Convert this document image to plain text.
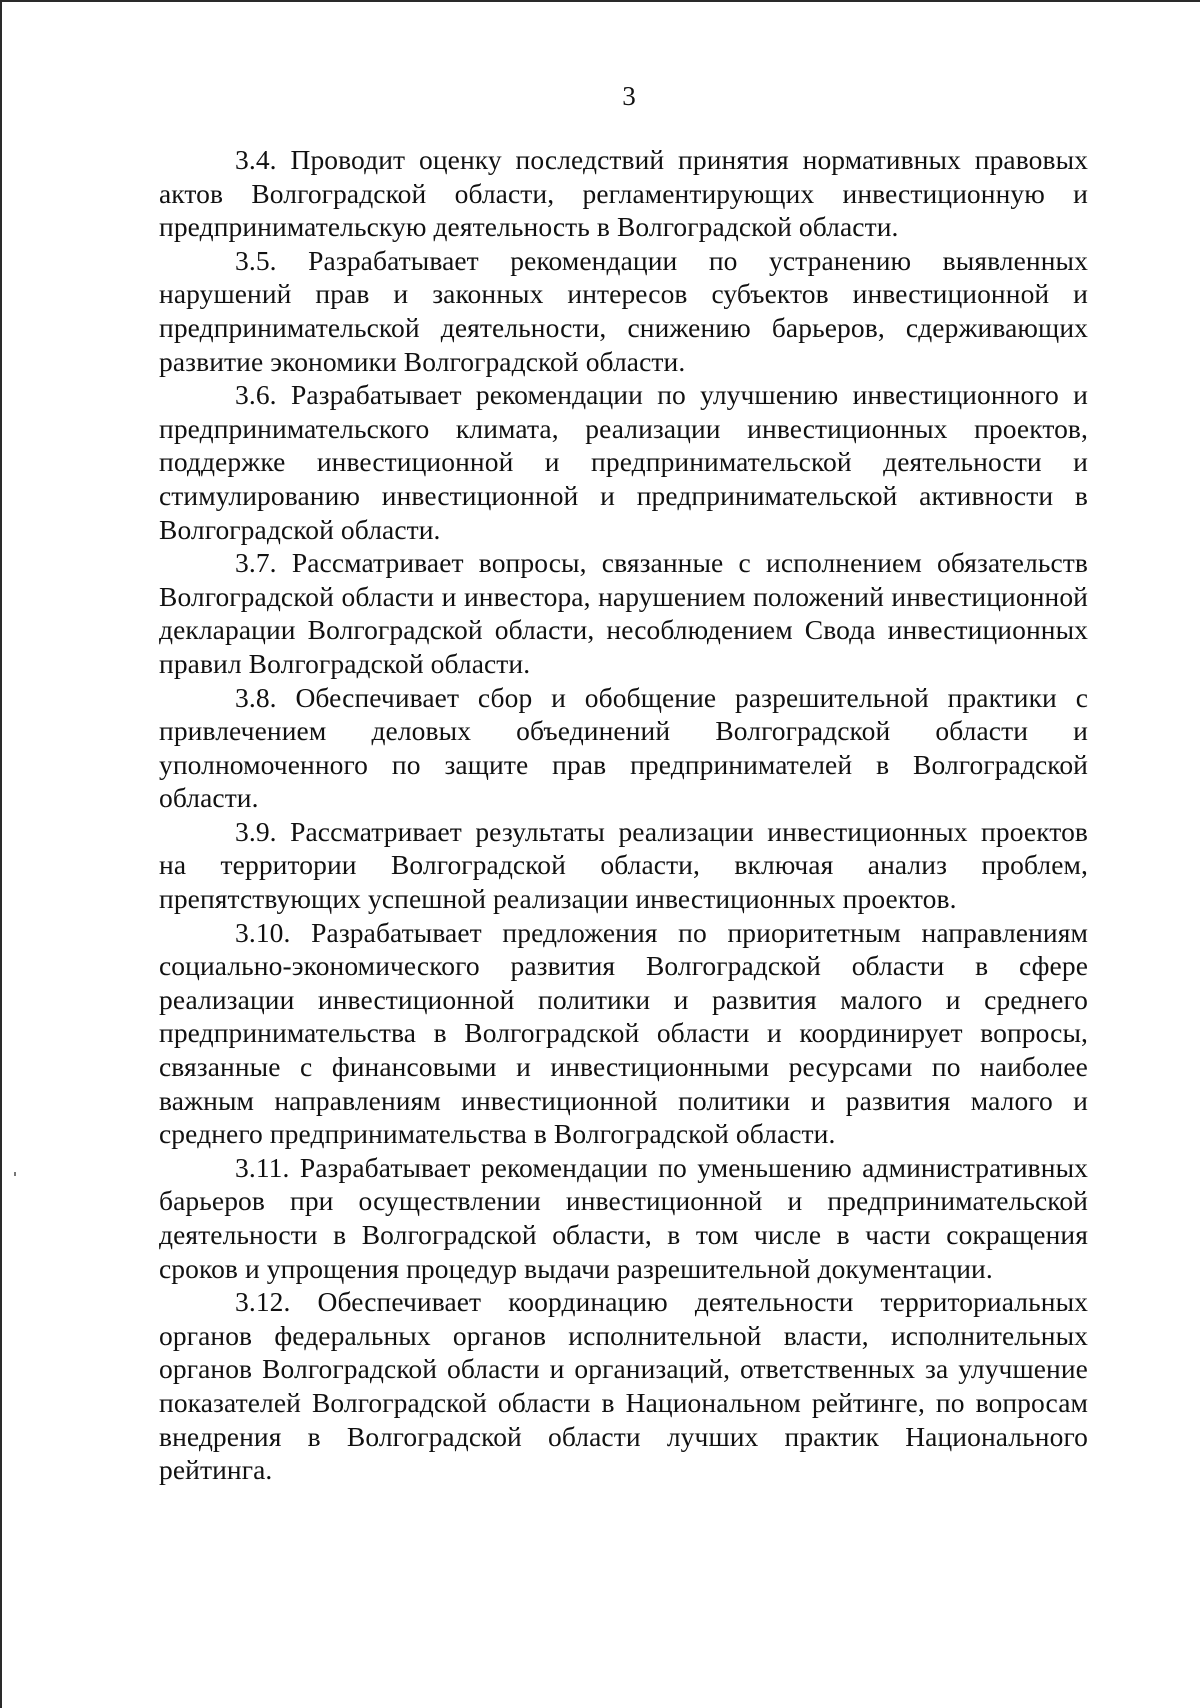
3

3.4. Проводит оценку последствий принятия нормативных правовых актов Волгоградской области, регламентирующих инвестиционную и предпринимательскую деятельность в Волгоградской области.

3.5. Разрабатывает рекомендации по устранению выявленных нарушений прав и законных интересов субъектов инвестиционной и предпринимательской деятельности, снижению барьеров, сдерживающих развитие экономики Волгоградской области.

3.6. Разрабатывает рекомендации по улучшению инвестиционного и предпринимательского климата, реализации инвестиционных проектов, поддержке инвестиционной и предпринимательской деятельности и стимулированию инвестиционной и предпринимательской активности в Волгоградской области.

3.7. Рассматривает вопросы, связанные с исполнением обязательств Волгоградской области и инвестора, нарушением положений инвестиционной декларации Волгоградской области, несоблюдением Свода инвестиционных правил Волгоградской области.

3.8. Обеспечивает сбор и обобщение разрешительной практики с привлечением деловых объединений Волгоградской области и уполномоченного по защите прав предпринимателей в Волгоградской области.

3.9. Рассматривает результаты реализации инвестиционных проектов на территории Волгоградской области, включая анализ проблем, препятствующих успешной реализации инвестиционных проектов.

3.10. Разрабатывает предложения по приоритетным направлениям социально-экономического развития Волгоградской области в сфере реализации инвестиционной политики и развития малого и среднего предпринимательства в Волгоградской области и координирует вопросы, связанные с финансовыми и инвестиционными ресурсами по наиболее важным направлениям инвестиционной политики и развития малого и среднего предпринимательства в Волгоградской области.

3.11. Разрабатывает рекомендации по уменьшению административных барьеров при осуществлении инвестиционной и предпринимательской деятельности в Волгоградской области, в том числе в части сокращения сроков и упрощения процедур выдачи разрешительной документации.

3.12. Обеспечивает координацию деятельности территориальных органов федеральных органов исполнительной власти, исполнительных органов Волгоградской области и организаций, ответственных за улучшение показателей Волгоградской области в Национальном рейтинге, по вопросам внедрения в Волгоградской области лучших практик Национального рейтинга.
